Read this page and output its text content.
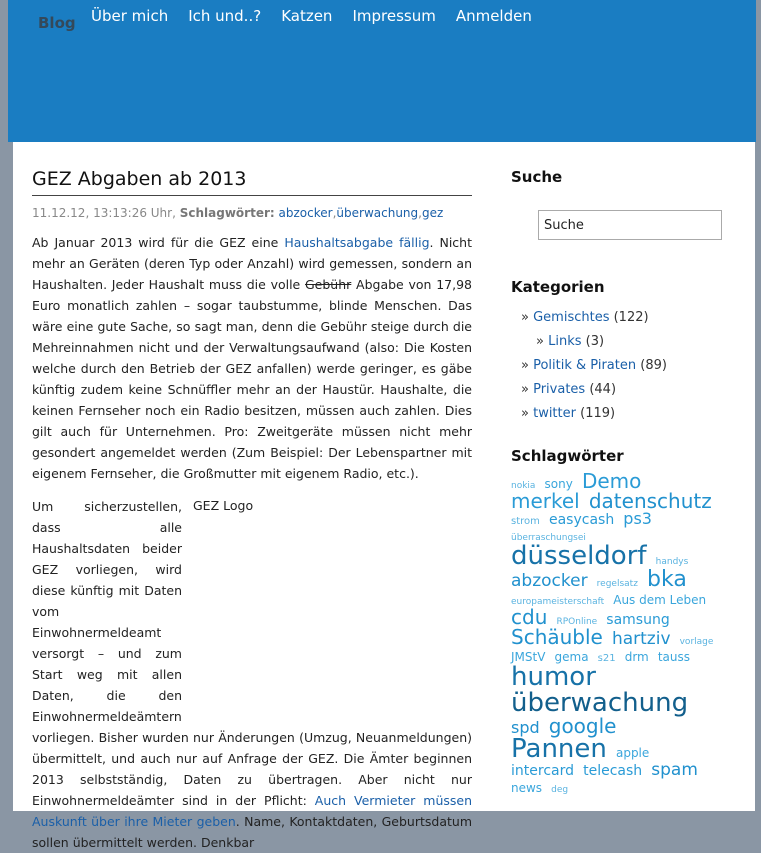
Blog Über mich Ich und..? Katzen Impressum Anmelden
GEZ Abgaben ab 2013
11.12.12, 13:13:26 Uhr, Schlagwörter: abzocker,überwachung,gez

Ab Januar 2013 wird für die GEZ eine Haushaltsabgabe fällig. Nicht mehr an Geräten (deren Typ oder Anzahl) wird gemessen, sondern an Haushalten. Jeder Haushalt muss die volle Gebühr Abgabe von 17,98 Euro monatlich zahlen – sogar taubstumme, blinde Menschen. Das wäre eine gute Sache, so sagt man, denn die Gebühr steige durch die Mehreinnahmen nicht und der Verwaltungsaufwand (also: Die Kosten welche durch den Betrieb der GEZ anfallen) werde geringer, es gäbe künftig zudem keine Schnüffler mehr an der Haustür. Haushalte, die keinen Fernseher noch ein Radio besitzen, müssen auch zahlen. Dies gilt auch für Unternehmen. Pro: Zweitgeräte müssen nicht mehr gesondert angemeldet werden (Zum Beispiel: Der Lebenspartner mit eigenem Fernseher, die Großmutter mit eigenem Radio, etc.).

Um sicherzustellen, dass alle Haushaltsdaten beider GEZ vorliegen, wird diese künftig mit Daten vom Einwohnermeldeamt versorgt – und zum Start weg mit allen Daten, die den Einwohnermeldeämtern
GEZ Logo

vorliegen. Bisher wurden nur Änderungen (Umzug, Neuanmeldungen) übermittelt, und auch nur auf Anfrage der GEZ. Die Ämter beginnen 2013 selbstständig, Daten zu übertragen. Aber nicht nur Einwohnermeldeämter sind in der Pflicht: Auch Vermieter müssen Auskunft über ihre Mieter geben. Name, Kontaktdaten, Geburtsdatum sollen übermittelt werden. Denkbar

Suche
Suche
Kategorien
» Gemischtes (122)
» Links (3)
» Politik & Piraten (89)
» Privates (44)
» twitter (119)
Schlagwörter
nokia sony Demo merkel datenschutz strom easycash ps3 überraschungsei düsseldorf handys abzocker regelsatz bka europameisterschaft Aus dem Leben cdu RPOnline samsung Schäuble hartziv vorlage JMStV gema s21 drm tauss humor überwachung spd google Pannen apple intercard telecash spam news deg
